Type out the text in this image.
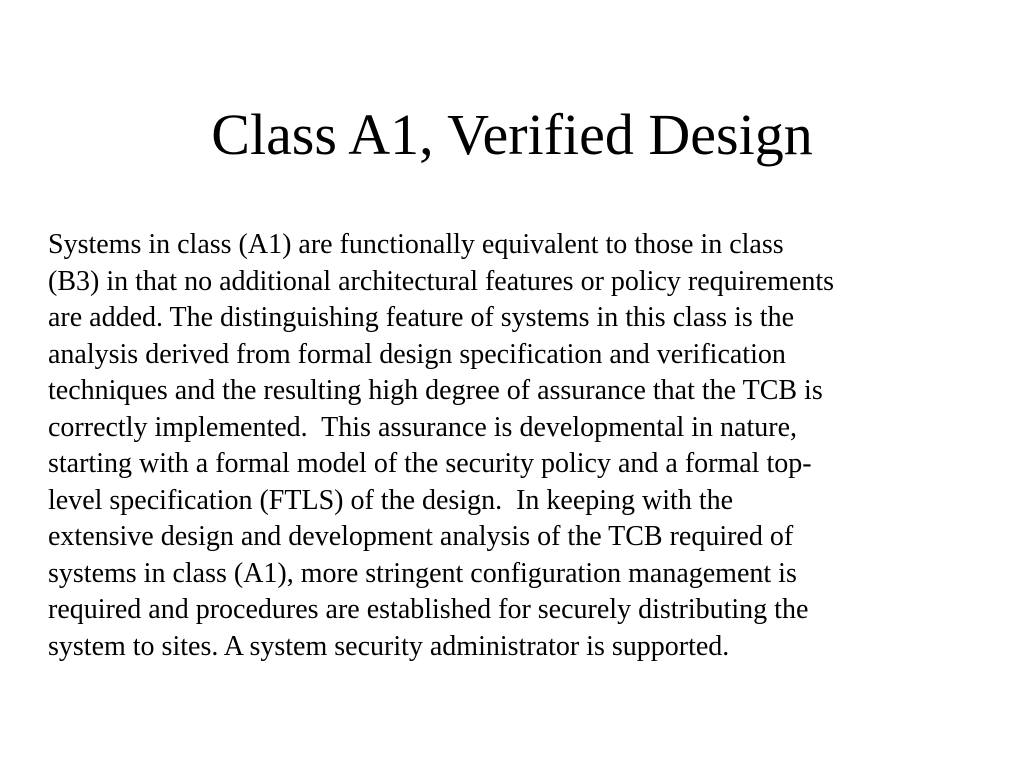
Class A1, Verified Design
Systems in class (A1) are functionally equivalent to those in class
(B3) in that no additional architectural features or policy requirements
are added. The distinguishing feature of systems in this class is the
analysis derived from formal design specification and verification
techniques and the resulting high degree of assurance that the TCB is
correctly implemented.  This assurance is developmental in nature,
starting with a formal model of the security policy and a formal top-
level specification (FTLS) of the design.  In keeping with the
extensive design and development analysis of the TCB required of
systems in class (A1), more stringent configuration management is
required and procedures are established for securely distributing the
system to sites. A system security administrator is supported.
